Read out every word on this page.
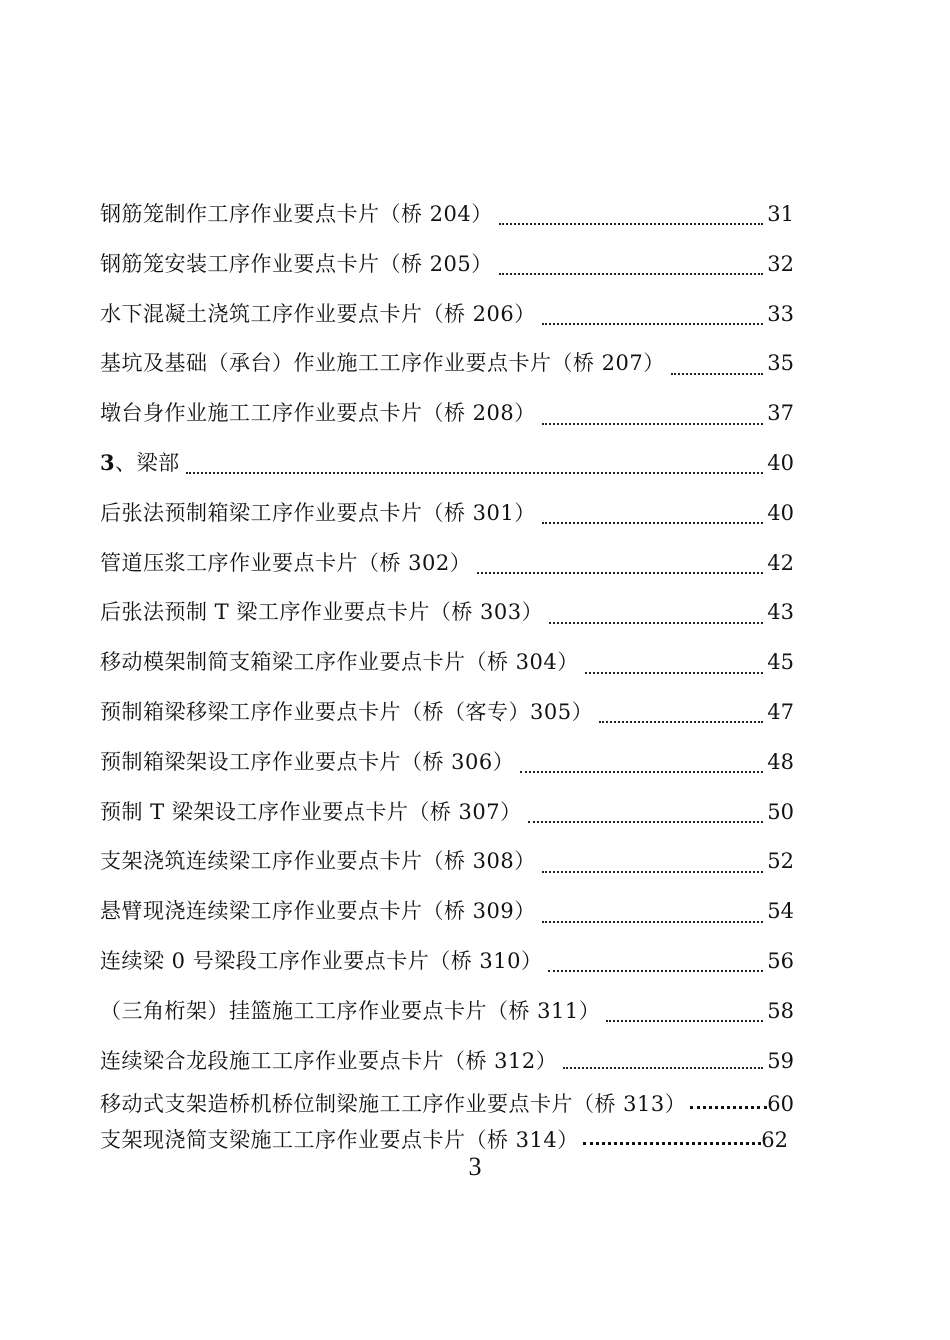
钢筋笼制作工序作业要点卡片（桥 204）	31
钢筋笼安装工序作业要点卡片（桥 205）	32
水下混凝土浇筑工序作业要点卡片（桥 206）	33
基坑及基础（承台）作业施工工序作业要点卡片（桥 207）	35
墩台身作业施工工序作业要点卡片（桥 208）	37
3、梁部	40
后张法预制箱梁工序作业要点卡片（桥 301）	40
管道压浆工序作业要点卡片（桥 302）	42
后张法预制 T 梁工序作业要点卡片（桥 303）	43
移动模架制简支箱梁工序作业要点卡片（桥 304）	45
预制箱梁移梁工序作业要点卡片（桥（客专）305）	47
预制箱梁架设工序作业要点卡片（桥 306）	48
预制 T 梁架设工序作业要点卡片（桥 307）	50
支架浇筑连续梁工序作业要点卡片（桥 308）	52
悬臂现浇连续梁工序作业要点卡片（桥 309）	54
连续梁 0 号梁段工序作业要点卡片（桥 310）	56
（三角桁架）挂篮施工工序作业要点卡片（桥 311）	58
连续梁合龙段施工工序作业要点卡片（桥 312）	59
移动式支架造桥机桥位制梁施工工序作业要点卡片（桥 313）	60
支架现浇简支梁施工工序作业要点卡片（桥 314）	62
3
